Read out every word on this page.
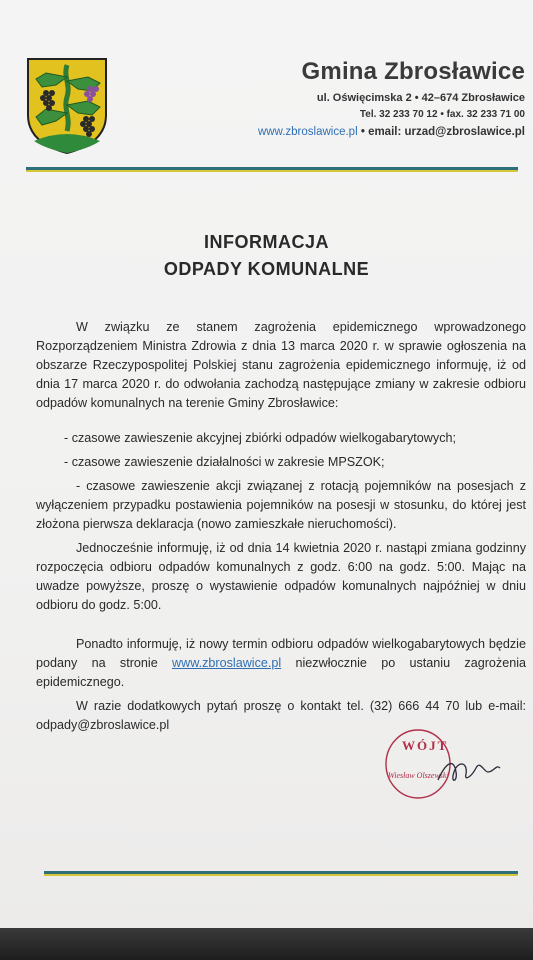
Gmina Zbrosławice
ul. Oświęcimska 2 • 42–674 Zbrosławice
Tel. 32 233 70 12 • fax. 32 233 71 00
www.zbroslawice.pl • email: urzad@zbroslawice.pl
INFORMACJA
ODPADY KOMUNALNE
W związku ze stanem zagrożenia epidemicznego wprowadzonego Rozporządzeniem Ministra Zdrowia z dnia 13 marca 2020 r. w sprawie ogłoszenia na obszarze Rzeczypospolitej Polskiej stanu zagrożenia epidemicznego informuję, iż od dnia 17 marca 2020 r. do odwołania zachodzą następujące zmiany w zakresie odbioru odpadów komunalnych na terenie Gminy Zbrosławice:
- czasowe zawieszenie akcyjnej zbiórki odpadów wielkogabarytowych;
- czasowe zawieszenie działalności w zakresie MPSZOK;
- czasowe zawieszenie akcji związanej z rotacją pojemników na posesjach z wyłączeniem przypadku postawienia pojemników na posesji w stosunku, do której jest złożona pierwsza deklaracja (nowo zamieszkałe nieruchomości).
Jednocześnie informuję, iż od dnia 14 kwietnia 2020 r. nastąpi zmiana godzinny rozpoczęcia odbioru odpadów komunalnych z godz. 6:00 na godz. 5:00. Mając na uwadze powyższe, proszę o wystawienie odpadów komunalnych najpóźniej w dniu odbioru do godz. 5:00.
Ponadto informuję, iż nowy termin odbioru odpadów wielkogabarytowych będzie podany na stronie www.zbroslawice.pl niezwłocznie po ustaniu zagrożenia epidemicznego.
W razie dodatkowych pytań proszę o kontakt tel. (32) 666 44 70 lub e-mail: odpady@zbroslawice.pl
WÓJT
Wiesław Olszewski
